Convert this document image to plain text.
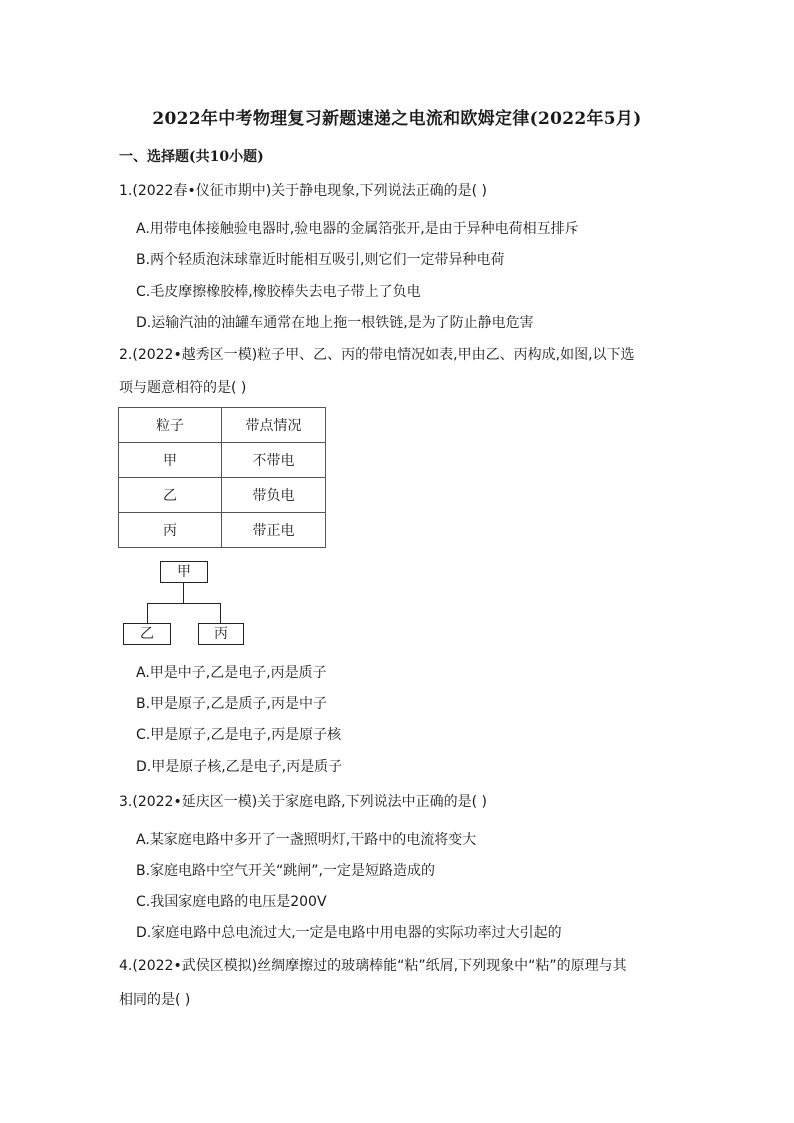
2022年中考物理复习新题速递之电流和欧姆定律(2022年5月)
一、选择题(共10小题)
1.(2022春•仪征市期中)关于静电现象,下列说法正确的是( )
A.用带电体接触验电器时,验电器的金属箔张开,是由于异种电荷相互排斥
B.两个轻质泡沫球靠近时能相互吸引,则它们一定带异种电荷
C.毛皮摩擦橡胶棒,橡胶棒失去电子带上了负电
D.运输汽油的油罐车通常在地上拖一根铁链,是为了防止静电危害
2.(2022•越秀区一模)粒子甲、乙、丙的带电情况如表,甲由乙、丙构成,如图,以下选
项与题意相符的是( )
粒子	带点情况
甲	不带电
乙	带负电
丙	带正电
甲
乙	丙
A.甲是中子,乙是电子,丙是质子
B.甲是原子,乙是质子,丙是中子
C.甲是原子,乙是电子,丙是原子核
D.甲是原子核,乙是电子,丙是质子
3.(2022•延庆区一模)关于家庭电路,下列说法中正确的是( )
A.某家庭电路中多开了一盏照明灯,干路中的电流将变大
B.家庭电路中空气开关“跳闸”,一定是短路造成的
C.我国家庭电路的电压是200V
D.家庭电路中总电流过大,一定是电路中用电器的实际功率过大引起的
4.(2022•武侯区模拟)丝绸摩擦过的玻璃棒能“粘”纸屑,下列现象中“粘”的原理与其
相同的是( )
